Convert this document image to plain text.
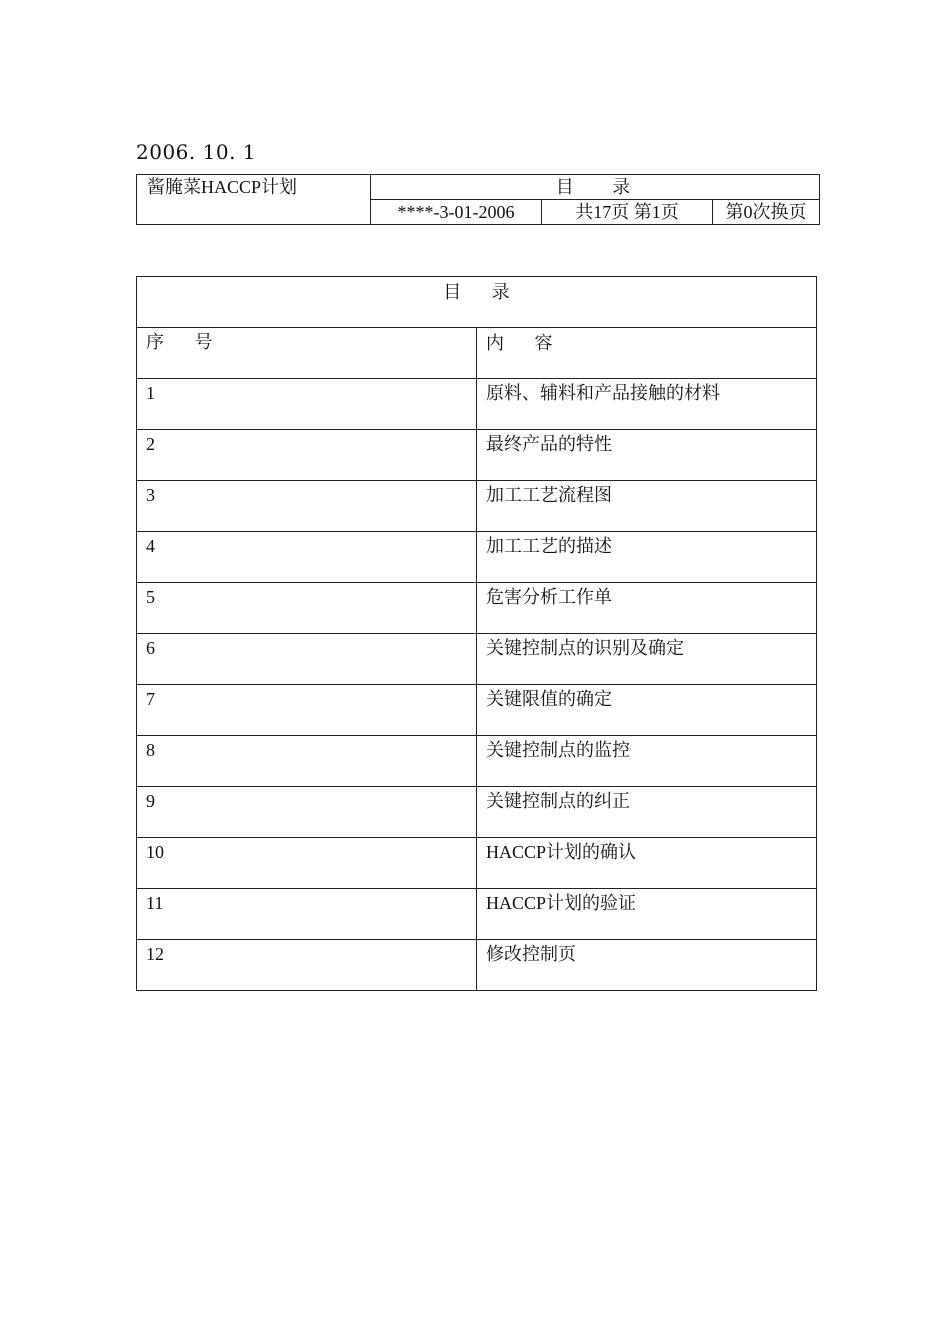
2006. 10. 1
酱腌菜HACCP计划	目 录		
	****-3-01-2006	共17页 第1页	第0次换页
目 录	
序 号	内 容
1	原料、辅料和产品接触的材料
2	最终产品的特性
3	加工工艺流程图
4	加工工艺的描述
5	危害分析工作单
6	关键控制点的识别及确定
7	关键限值的确定
8	关键控制点的监控
9	关键控制点的纠正
10	HACCP计划的确认
11	HACCP计划的验证
12	修改控制页
